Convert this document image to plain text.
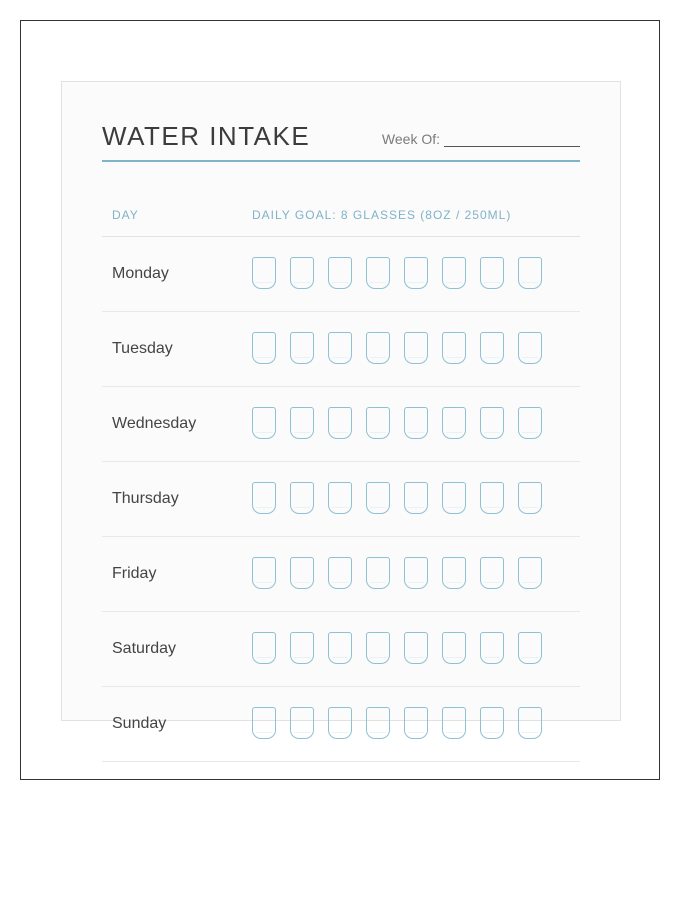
WATER INTAKE	Week Of:
DAY	DAILY GOAL: 8 GLASSES (8OZ / 250ML)
Monday
Tuesday
Wednesday
Thursday
Friday
Saturday
Sunday
